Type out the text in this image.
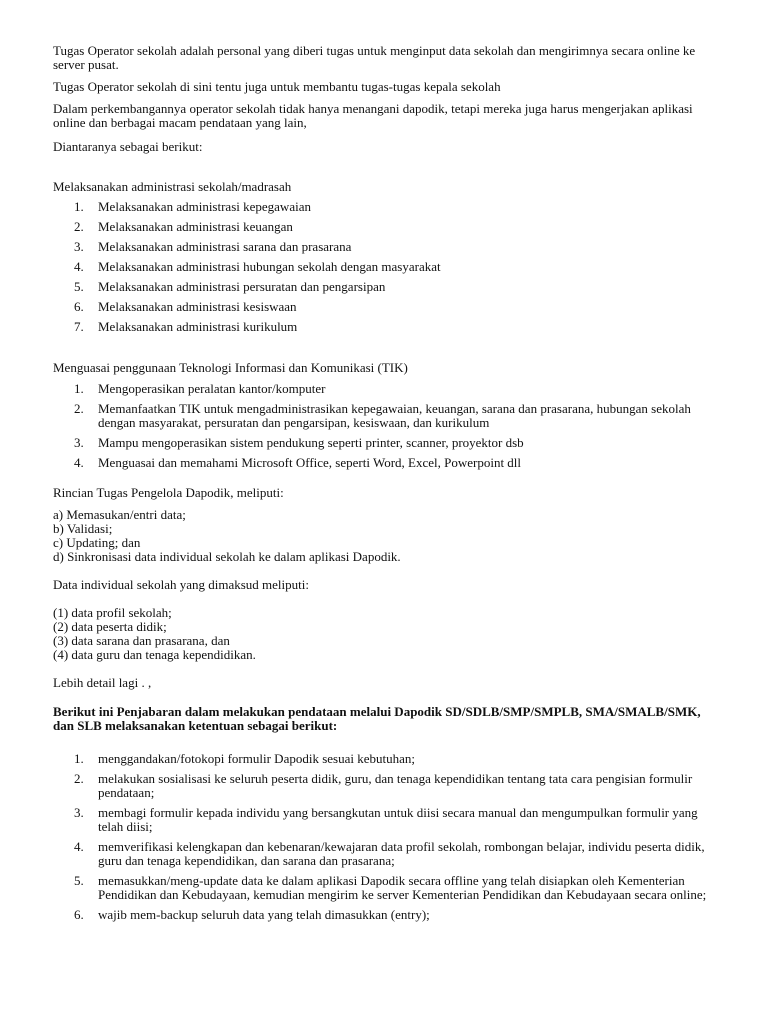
Tugas Operator sekolah adalah personal yang diberi tugas untuk menginput data sekolah dan mengirimnya secara online ke server pusat.

Tugas Operator sekolah di sini tentu juga untuk membantu tugas-tugas kepala sekolah

Dalam perkembangannya operator sekolah tidak hanya menangani dapodik, tetapi mereka juga harus mengerjakan aplikasi online dan berbagai macam pendataan yang lain,

Diantaranya sebagai berikut:

Melaksanakan administrasi sekolah/madrasah

1. Melaksanakan administrasi kepegawaian
2. Melaksanakan administrasi keuangan
3. Melaksanakan administrasi sarana dan prasarana
4. Melaksanakan administrasi hubungan sekolah dengan masyarakat
5. Melaksanakan administrasi persuratan dan pengarsipan
6. Melaksanakan administrasi kesiswaan
7. Melaksanakan administrasi kurikulum

Menguasai penggunaan Teknologi Informasi dan Komunikasi (TIK)

1. Mengoperasikan peralatan kantor/komputer
2. Memanfaatkan TIK untuk mengadministrasikan kepegawaian, keuangan, sarana dan prasarana, hubungan sekolah dengan masyarakat, persuratan dan pengarsipan, kesiswaan, dan kurikulum
3. Mampu mengoperasikan sistem pendukung seperti printer, scanner, proyektor dsb
4. Menguasai dan memahami Microsoft Office, seperti Word, Excel, Powerpoint dll

Rincian Tugas Pengelola Dapodik, meliputi:

a) Memasukan/entri data;
b) Validasi;
c) Updating; dan
d) Sinkronisasi data individual sekolah ke dalam aplikasi Dapodik.

Data individual sekolah yang dimaksud meliputi:

(1) data profil sekolah;
(2) data peserta didik;
(3) data sarana dan prasarana, dan
(4) data guru dan tenaga kependidikan.

Lebih detail lagi . ,

Berikut ini Penjabaran dalam melakukan pendataan melalui Dapodik SD/SDLB/SMP/SMPLB, SMA/SMALB/SMK, dan SLB melaksanakan ketentuan sebagai berikut:

1. menggandakan/fotokopi formulir Dapodik sesuai kebutuhan;
2. melakukan sosialisasi ke seluruh peserta didik, guru, dan tenaga kependidikan tentang tata cara pengisian formulir pendataan;
3. membagi formulir kepada individu yang bersangkutan untuk diisi secara manual dan mengumpulkan formulir yang telah diisi;
4. memverifikasi kelengkapan dan kebenaran/kewajaran data profil sekolah, rombongan belajar, individu peserta didik, guru dan tenaga kependidikan, dan sarana dan prasarana;
5. memasukkan/meng-update data ke dalam aplikasi Dapodik secara offline yang telah disiapkan oleh Kementerian Pendidikan dan Kebudayaan, kemudian mengirim ke server Kementerian Pendidikan dan Kebudayaan secara online;
6. wajib mem-backup seluruh data yang telah dimasukkan (entry);
